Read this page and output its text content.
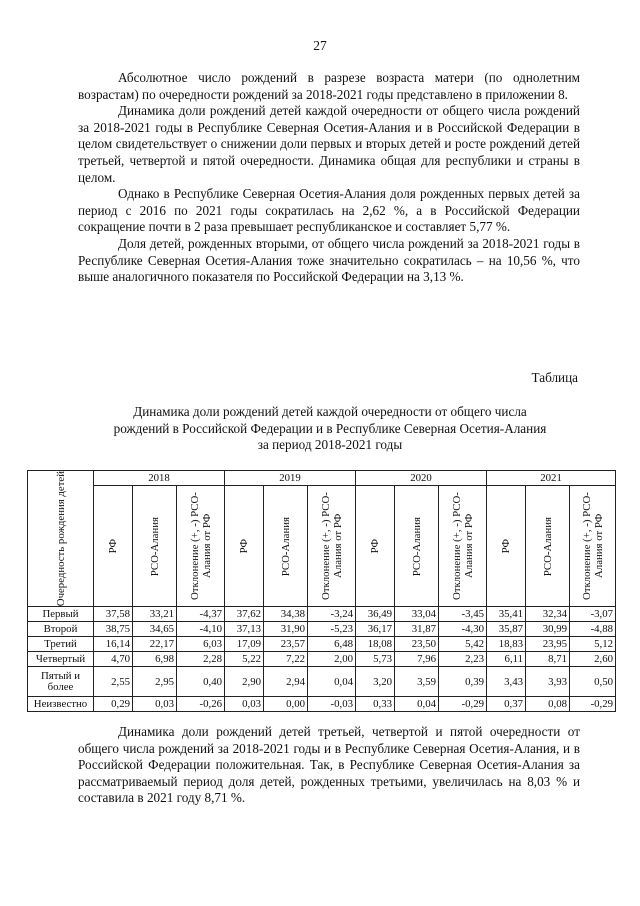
27

Абсолютное число рождений в разрезе возраста матери (по однолетним возрастам) по очередности рождений за 2018-2021 годы представлено в приложении 8.

Динамика доли рождений детей каждой очередности от общего числа рождений за 2018-2021 годы в Республике Северная Осетия-Алания и в Российской Федерации в целом свидетельствует о снижении доли первых и вторых детей и росте рождений детей третьей, четвертой и пятой очередности. Динамика общая для республики и страны в целом.

Однако в Республике Северная Осетия-Алания доля рожденных первых детей за период с 2016 по 2021 годы сократилась на 2,62 %, а в Российской Федерации сокращение почти в 2 раза превышает республиканское и составляет 5,77 %.

Доля детей, рожденных вторыми, от общего числа рождений за 2018-2021 годы в Республике Северная Осетия-Алания тоже значительно сократилась – на 10,56 %, что выше аналогичного показателя по Российской Федерации на 3,13 %.

Таблица
Динамика доли рождений детей каждой очередности от общего числа
рождений в Российской Федерации и в Республике Северная Осетия-Алания
за период 2018-2021 годы
Очередность рождения детей	2018			2019			2020			2021		

	РФ	РСО-Алания	Отклонение (+, -) РСО-Алания от РФ	РФ	РСО-Алания	Отклонение (+, -) РСО-Алания от РФ	РФ	РСО-Алания	Отклонение (+, -) РСО-Алания от РФ	РФ	РСО-Алания	Отклонение (+, -) РСО-Алания от РФ

Первый	37,58	33,21	-4,37	37,62	34,38	-3,24	36,49	33,04	-3,45	35,41	32,34	-3,07
Второй	38,75	34,65	-4,10	37,13	31,90	-5,23	36,17	31,87	-4,30	35,87	30,99	-4,88
Третий	16,14	22,17	6,03	17,09	23,57	6,48	18,08	23,50	5,42	18,83	23,95	5,12
Четвертый	4,70	6,98	2,28	5,22	7,22	2,00	5,73	7,96	2,23	6,11	8,71	2,60
Пятый и более	2,55	2,95	0,40	2,90	2,94	0,04	3,20	3,59	0,39	3,43	3,93	0,50
Неизвестно	0,29	0,03	-0,26	0,03	0,00	-0,03	0,33	0,04	-0,29	0,37	0,08	-0,29

Динамика доли рождений детей третьей, четвертой и пятой очередности от общего числа рождений за 2018-2021 годы и в Республике Северная Осетия-Алания, и в Российской Федерации положительная. Так, в Республике Северная Осетия-Алания за рассматриваемый период доля детей, рожденных третьими, увеличилась на 8,03 % и составила в 2021 году 8,71 %.
